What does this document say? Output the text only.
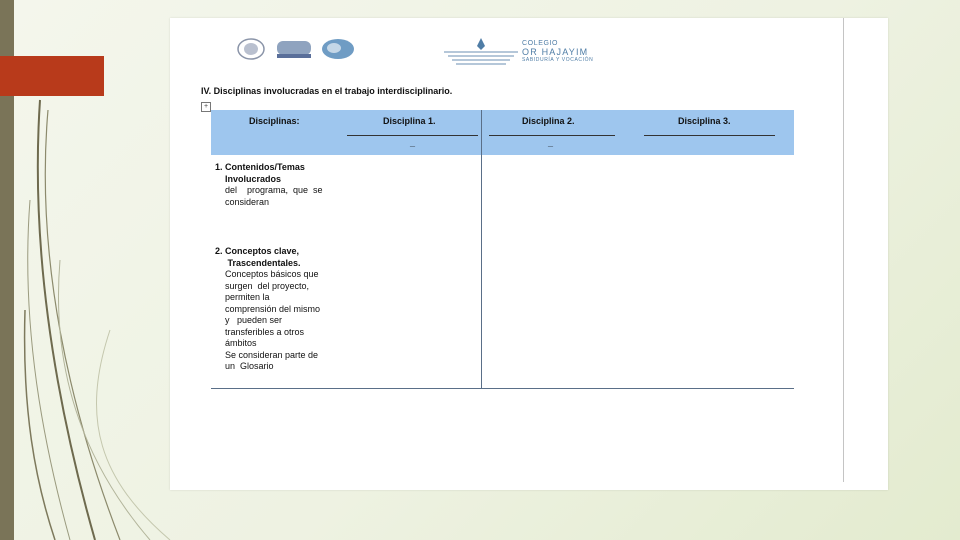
COLEGIO
OR HAJAYIM
SABIDURÍA Y VOCACIÓN
IV. Disciplinas involucradas en el trabajo interdisciplinario.
+
Disciplinas:	Disciplina 1.	Disciplina 2.	Disciplina 3.
_	_
1. Contenidos/Temas
Involucrados
del    programa,  que  se
consideran
2. Conceptos clave,
Trascendentales.
Conceptos básicos que
surgen  del proyecto,
permiten la
comprensión del mismo
y   pueden ser
transferibles a otros
ámbitos
Se consideran parte de
un  Glosario
